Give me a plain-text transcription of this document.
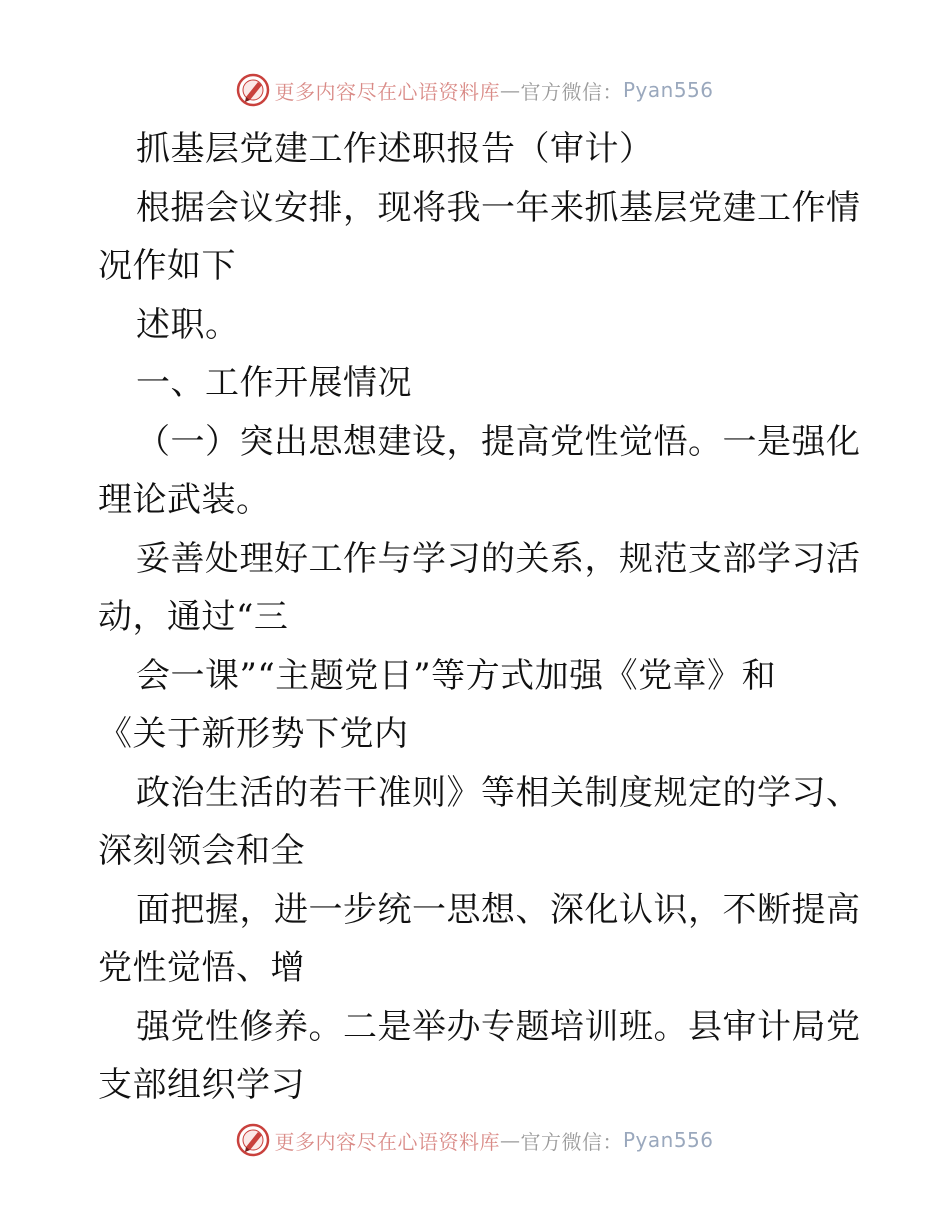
更多内容尽在心语资料库 — 官方微信： Pyan556
抓基层党建工作述职报告（审计）
根据会议安排，现将我一年来抓基层党建工作情
况作如下
述职。
一、工作开展情况
（一）突出思想建设，提高党性觉悟。一是强化
理论武装。
妥善处理好工作与学习的关系，规范支部学习活
动，通过“三
会一课”“主题党日”等方式加强《党章》和
《关于新形势下党内
政治生活的若干准则》等相关制度规定的学习、
深刻领会和全
面把握，进一步统一思想、深化认识，不断提高
党性觉悟、增
强党性修养。二是举办专题培训班。县审计局党
支部组织学习
更多内容尽在心语资料库 — 官方微信： Pyan556
